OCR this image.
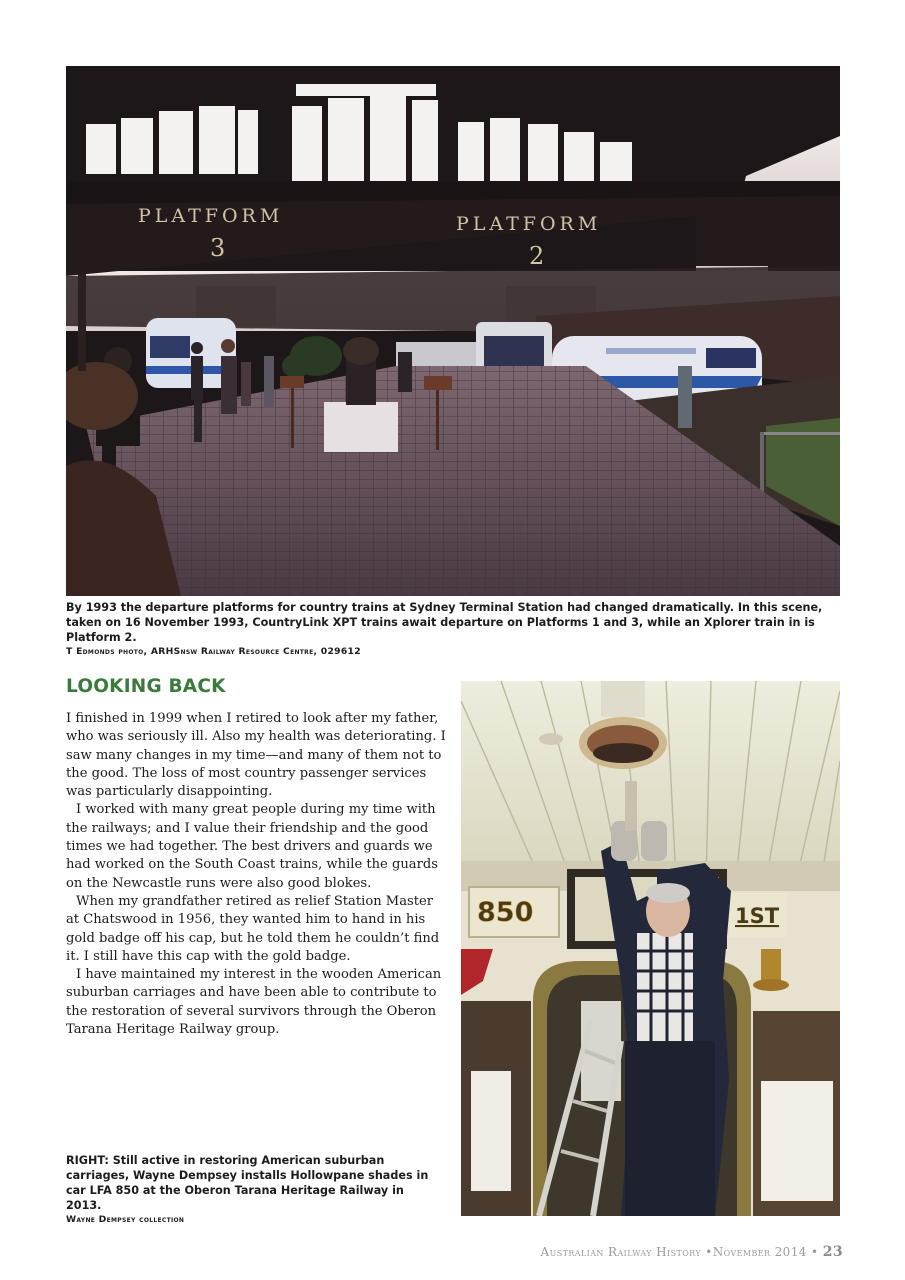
PLATFORM
3
PLATFORM
2
By 1993 the departure platforms for country trains at Sydney Terminal Station had changed dramatically. In this scene, taken on 16 November 1993, CountryLink XPT trains await departure on Platforms 1 and 3, while an Xplorer train in is Platform 2.
T Edmonds photo, ARHSnsw Railway Resource Centre, 029612
LOOKING BACK

I finished in 1999 when I retired to look after my father, who was seriously ill. Also my health was deteriorating. I saw many changes in my time—and many of them not to the good. The loss of most country passenger services was particularly disappointing.

I worked with many great people during my time with the railways; and I value their friendship and the good times we had together. The best drivers and guards we had worked on the South Coast trains, while the guards on the Newcastle runs were also good blokes.

When my grandfather retired as relief Station Master at Chatswood in 1956, they wanted him to hand in his gold badge off his cap, but he told them he couldn’t find it. I still have this cap with the gold badge.

I have maintained my interest in the wooden American suburban carriages and have been able to contribute to the restoration of several survivors through the Oberon Tarana Heritage Railway group.

850	1ST
RIGHT: Still active in restoring American suburban carriages, Wayne Dempsey installs Hollowpane shades in car LFA 850 at the Oberon Tarana Heritage Railway in 2013.
Wayne Dempsey collection
Australian Railway History •November 2014 • 23
